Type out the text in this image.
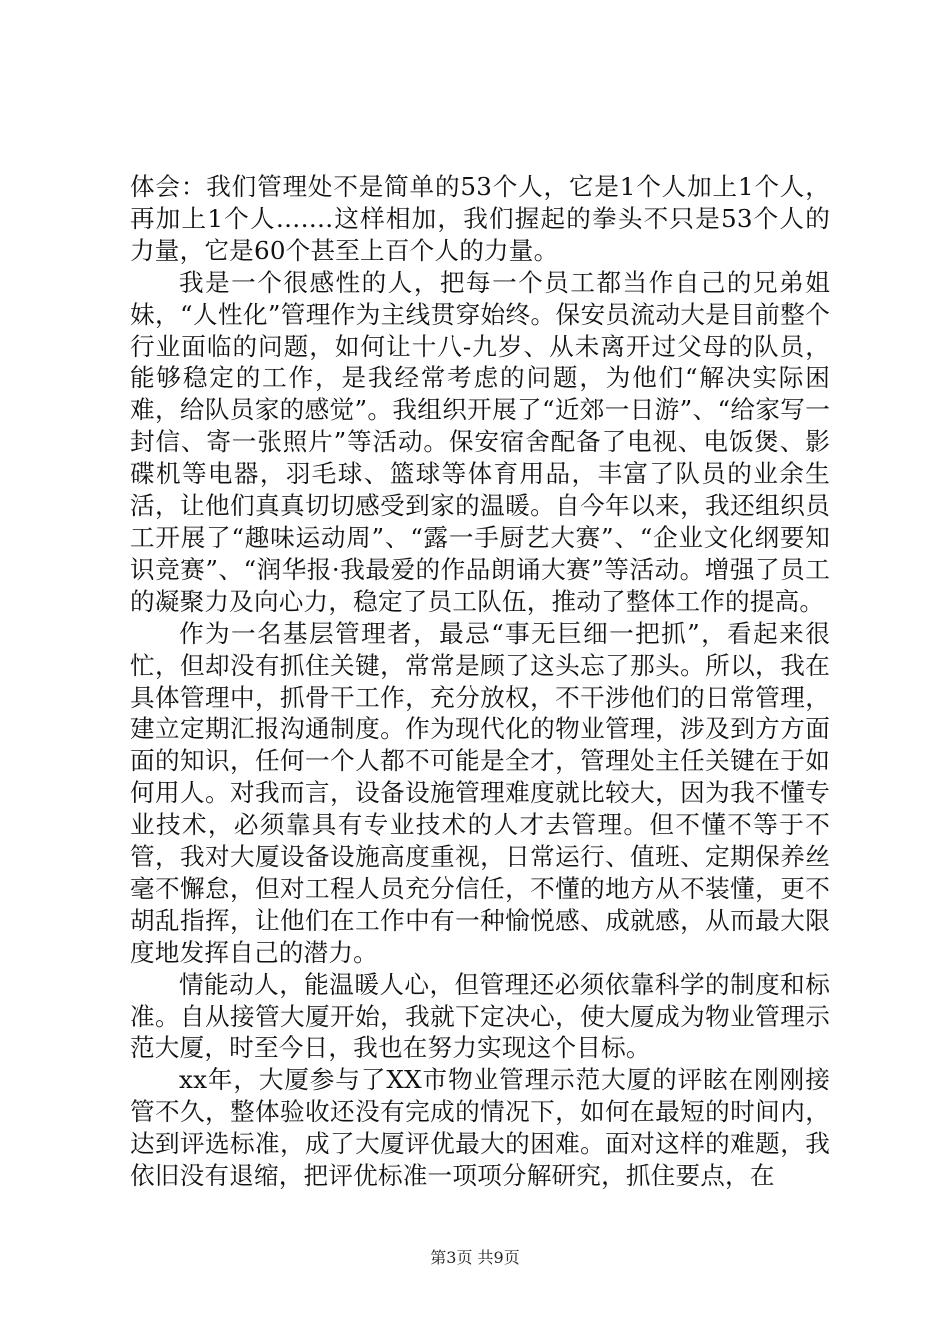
体会：我们管理处不是简单的53个人，它是1个人加上1个人，再加上1个人…….这样相加，我们握起的拳头不只是53个人的力量，它是60个甚至上百个人的力量。

我是一个很感性的人，把每一个员工都当作自己的兄弟姐妹，“人性化”管理作为主线贯穿始终。保安员流动大是目前整个行业面临的问题，如何让十八-九岁、从未离开过父母的队员，能够稳定的工作，是我经常考虑的问题，为他们“解决实际困难，给队员家的感觉”。我组织开展了“近郊一日游”、“给家写一封信、寄一张照片”等活动。保安宿舍配备了电视、电饭煲、影碟机等电器，羽毛球、篮球等体育用品，丰富了队员的业余生活，让他们真真切切感受到家的温暖。自今年以来，我还组织员工开展了“趣味运动周”、“露一手厨艺大赛”、“企业文化纲要知识竞赛”、“润华报·我最爱的作品朗诵大赛”等活动。增强了员工的凝聚力及向心力，稳定了员工队伍，推动了整体工作的提高。

作为一名基层管理者，最忌“事无巨细一把抓”，看起来很忙，但却没有抓住关键，常常是顾了这头忘了那头。所以，我在具体管理中，抓骨干工作，充分放权，不干涉他们的日常管理，建立定期汇报沟通制度。作为现代化的物业管理，涉及到方方面面的知识，任何一个人都不可能是全才，管理处主任关键在于如何用人。对我而言，设备设施管理难度就比较大，因为我不懂专业技术，必须靠具有专业技术的人才去管理。但不懂不等于不管，我对大厦设备设施高度重视，日常运行、值班、定期保养丝毫不懈怠，但对工程人员充分信任，不懂的地方从不装懂，更不胡乱指挥，让他们在工作中有一种愉悦感、成就感，从而最大限度地发挥自己的潜力。

情能动人，能温暖人心，但管理还必须依靠科学的制度和标准。自从接管大厦开始，我就下定决心，使大厦成为物业管理示范大厦，时至今日，我也在努力实现这个目标。

xx年，大厦参与了XX市物业管理示范大厦的评眩在刚刚接管不久，整体验收还没有完成的情况下，如何在最短的时间内，达到评选标准，成了大厦评优最大的困难。面对这样的难题，我依旧没有退缩，把评优标准一项项分解研究，抓住要点，在

第3页 共9页
